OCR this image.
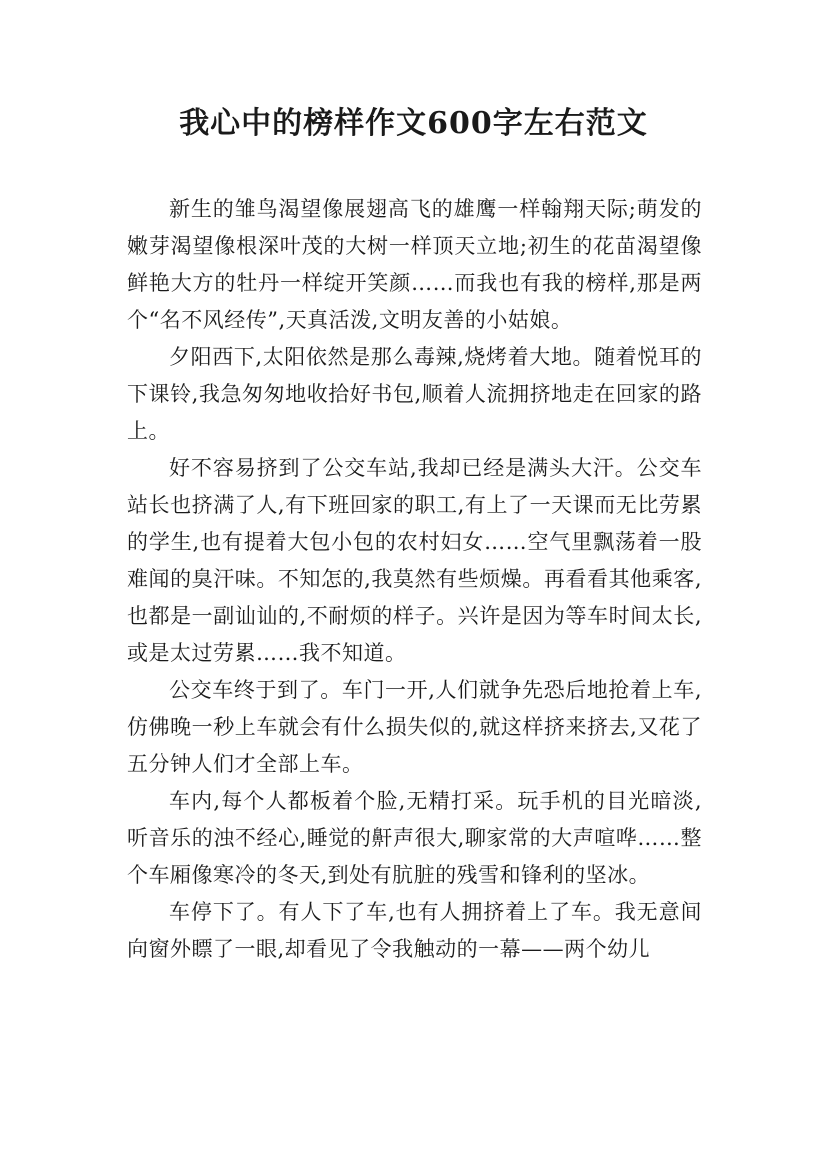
我心中的榜样作文600字左右范文

新生的雏鸟渴望像展翅高飞的雄鹰一样翰翔天际;萌发的嫩芽渴望像根深叶茂的大树一样顶天立地;初生的花苗渴望像鲜艳大方的牡丹一样绽开笑颜……而我也有我的榜样,那是两个“名不风经传”,天真活泼,文明友善的小姑娘。

夕阳西下,太阳依然是那么毒辣,烧烤着大地。随着悦耳的下课铃,我急匆匆地收拾好书包,顺着人流拥挤地走在回家的路上。

好不容易挤到了公交车站,我却已经是满头大汗。公交车站长也挤满了人,有下班回家的职工,有上了一天课而无比劳累的学生,也有提着大包小包的农村妇女……空气里飘荡着一股难闻的臭汗味。不知怎的,我莫然有些烦燥。再看看其他乘客,也都是一副讪讪的,不耐烦的样子。兴许是因为等车时间太长,或是太过劳累……我不知道。

公交车终于到了。车门一开,人们就争先恐后地抢着上车,仿佛晚一秒上车就会有什么损失似的,就这样挤来挤去,又花了五分钟人们才全部上车。

车内,每个人都板着个脸,无精打采。玩手机的目光暗淡,听音乐的浊不经心,睡觉的鼾声很大,聊家常的大声喧哗……整个车厢像寒冷的冬天,到处有肮脏的残雪和锋利的坚冰。

车停下了。有人下了车,也有人拥挤着上了车。我无意间向窗外瞟了一眼,却看见了令我触动的一幕——两个幼儿
